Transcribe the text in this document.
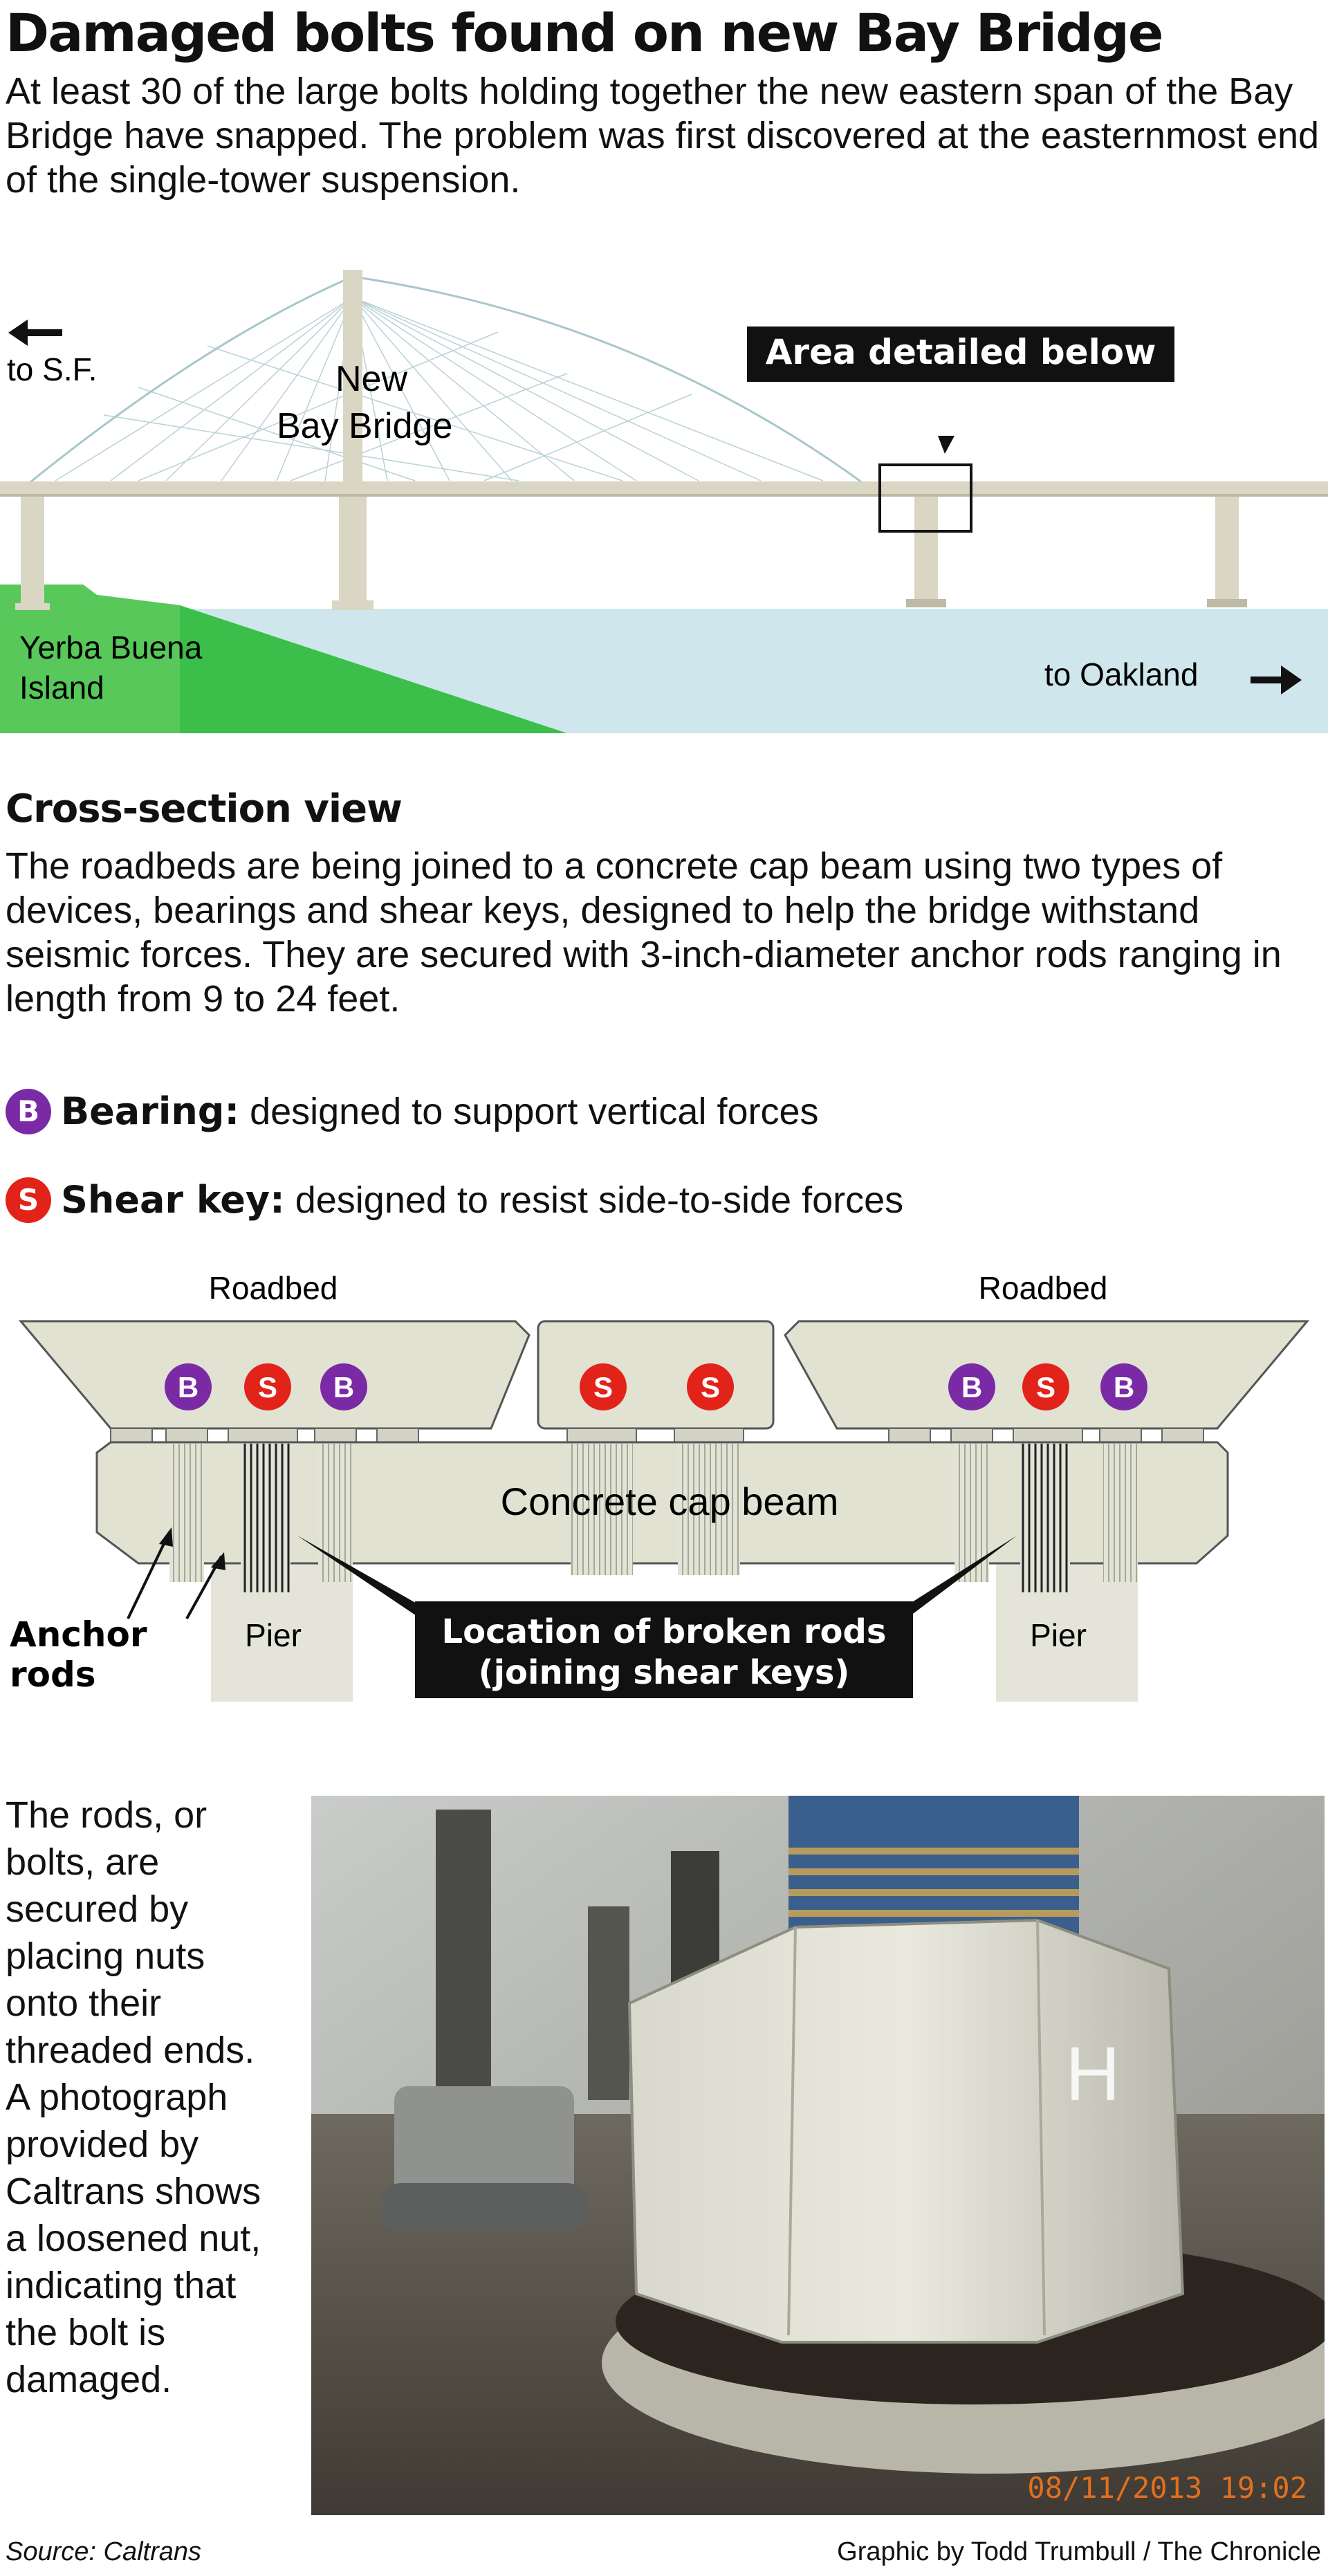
Damaged bolts found on new Bay Bridge

At least 30 of the large bolts holding together the new eastern span of the Bay Bridge have snapped. The problem was first discovered at the easternmost end of the single-tower suspension.

Area detailed below
to S.F.	New
Bay Bridge
Yerba Buena
Island	to Oakland
Cross-section view

The roadbeds are being joined to a concrete cap beam using two types of devices, bearings and shear keys, designed to help the bridge withstand seismic forces. They are secured with 3-inch-diameter anchor rods ranging in length from 9 to 24 feet.

B Bearing: designed to support vertical forces
S Shear key: designed to resist side-to-side forces
B S B	S	S	B S B
Roadbed	Roadbed
Concrete cap beam
Pier	Pier
Anchor
rods
Location of broken rods
(joining shear keys)

The rods, or bolts, are secured by placing nuts onto their threaded ends. A photograph provided by Caltrans shows a loosened nut, indicating that the bolt is damaged.

H
08/11/2013 19:02
Source: Caltrans	Graphic by Todd Trumbull / The Chronicle
